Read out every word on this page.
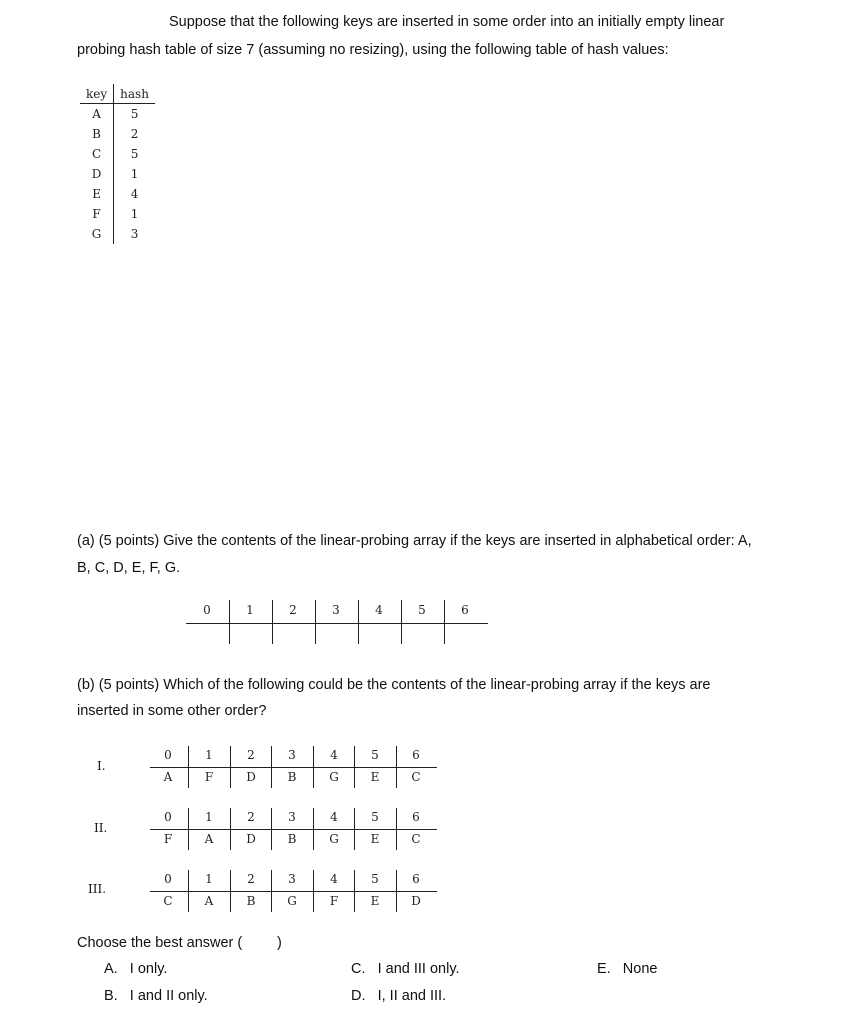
Suppose that the following keys are inserted in some order into an initially empty linear
probing hash table of size 7 (assuming no resizing), using the following table of hash values:
key	hash
A	5
B	2
C	5
D	1
E	4
F	1
G	3
(a) (5 points) Give the contents of the linear-probing array if the keys are inserted in alphabetical order: A,
B, C, D, E, F, G.
0	1	2	3	4	5	6
(b) (5 points) Which of the following could be the contents of the linear-probing array if the keys are
inserted in some other order?
I.
0	1	2	3	4	5	6
A	F	D	B	G	E	C
II.
0	1	2	3	4	5	6
F	A	D	B	G	E	C
III.
0	1	2	3	4	5	6
C	A	B	G	F	E	D
Choose the best answer ( )
A.   I only.
B.   I and II only.
C.   I and III only.
D.   I, II and III.
E.   None
